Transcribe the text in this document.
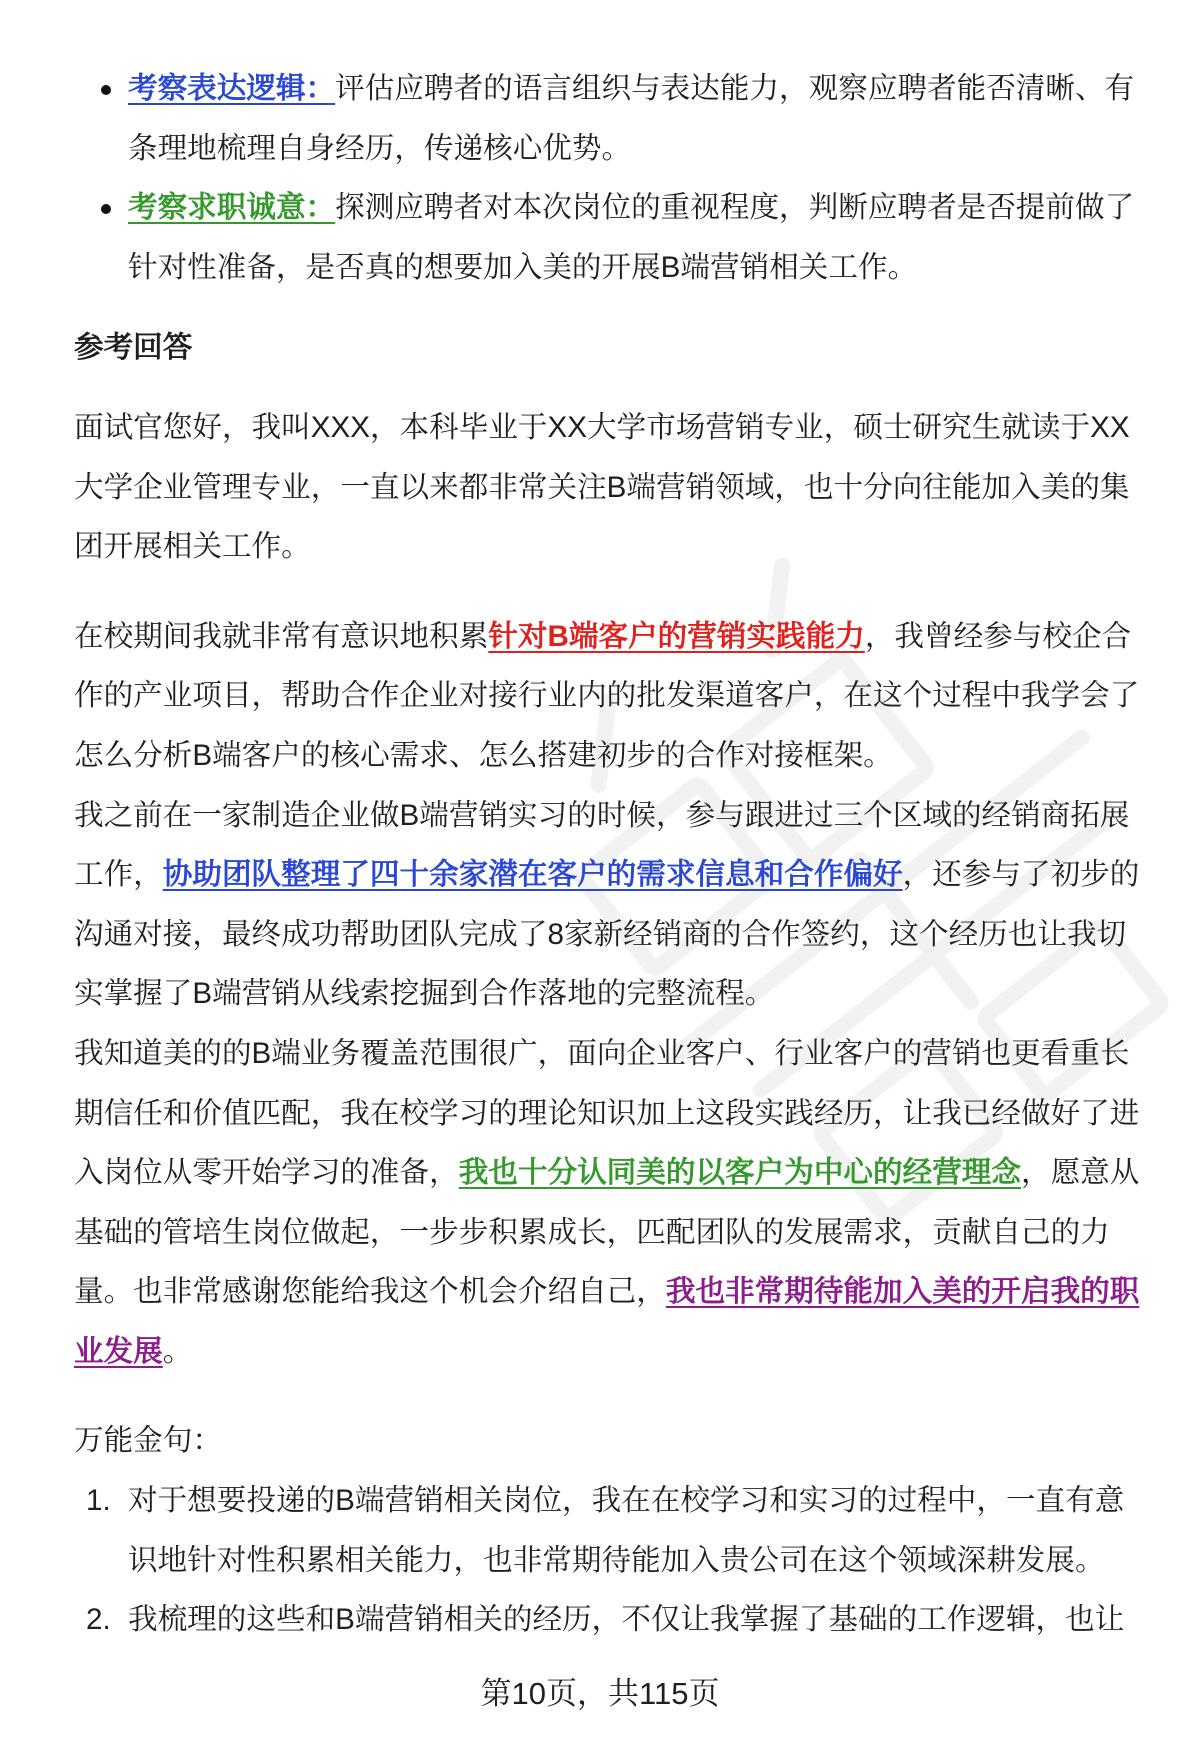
考察表达逻辑：评估应聘者的语言组织与表达能力，观察应聘者能否清晰、有条理地梳理自身经历，传递核心优势。
考察求职诚意：探测应聘者对本次岗位的重视程度，判断应聘者是否提前做了针对性准备，是否真的想要加入美的开展B端营销相关工作。
参考回答

面试官您好，我叫XXX，本科毕业于XX大学市场营销专业，硕士研究生就读于XX大学企业管理专业，一直以来都非常关注B端营销领域，也十分向往能加入美的集团开展相关工作。

在校期间我就非常有意识地积累针对B端客户的营销实践能力，我曾经参与校企合作的产业项目，帮助合作企业对接行业内的批发渠道客户，在这个过程中我学会了怎么分析B端客户的核心需求、怎么搭建初步的合作对接框架。

我之前在一家制造企业做B端营销实习的时候，参与跟进过三个区域的经销商拓展工作，协助团队整理了四十余家潜在客户的需求信息和合作偏好，还参与了初步的沟通对接，最终成功帮助团队完成了8家新经销商的合作签约，这个经历也让我切实掌握了B端营销从线索挖掘到合作落地的完整流程。

我知道美的的B端业务覆盖范围很广，面向企业客户、行业客户的营销也更看重长期信任和价值匹配，我在校学习的理论知识加上这段实践经历，让我已经做好了进入岗位从零开始学习的准备，我也十分认同美的以客户为中心的经营理念，愿意从基础的管培生岗位做起，一步步积累成长，匹配团队的发展需求，贡献自己的力量。也非常感谢您能给我这个机会介绍自己，我也非常期待能加入美的开启我的职业发展。

万能金句：

1. 对于想要投递的B端营销相关岗位，我在在校学习和实习的过程中，一直有意识地针对性积累相关能力，也非常期待能加入贵公司在这个领域深耕发展。
2. 我梳理的这些和B端营销相关的经历，不仅让我掌握了基础的工作逻辑，也让
第10页，共115页
